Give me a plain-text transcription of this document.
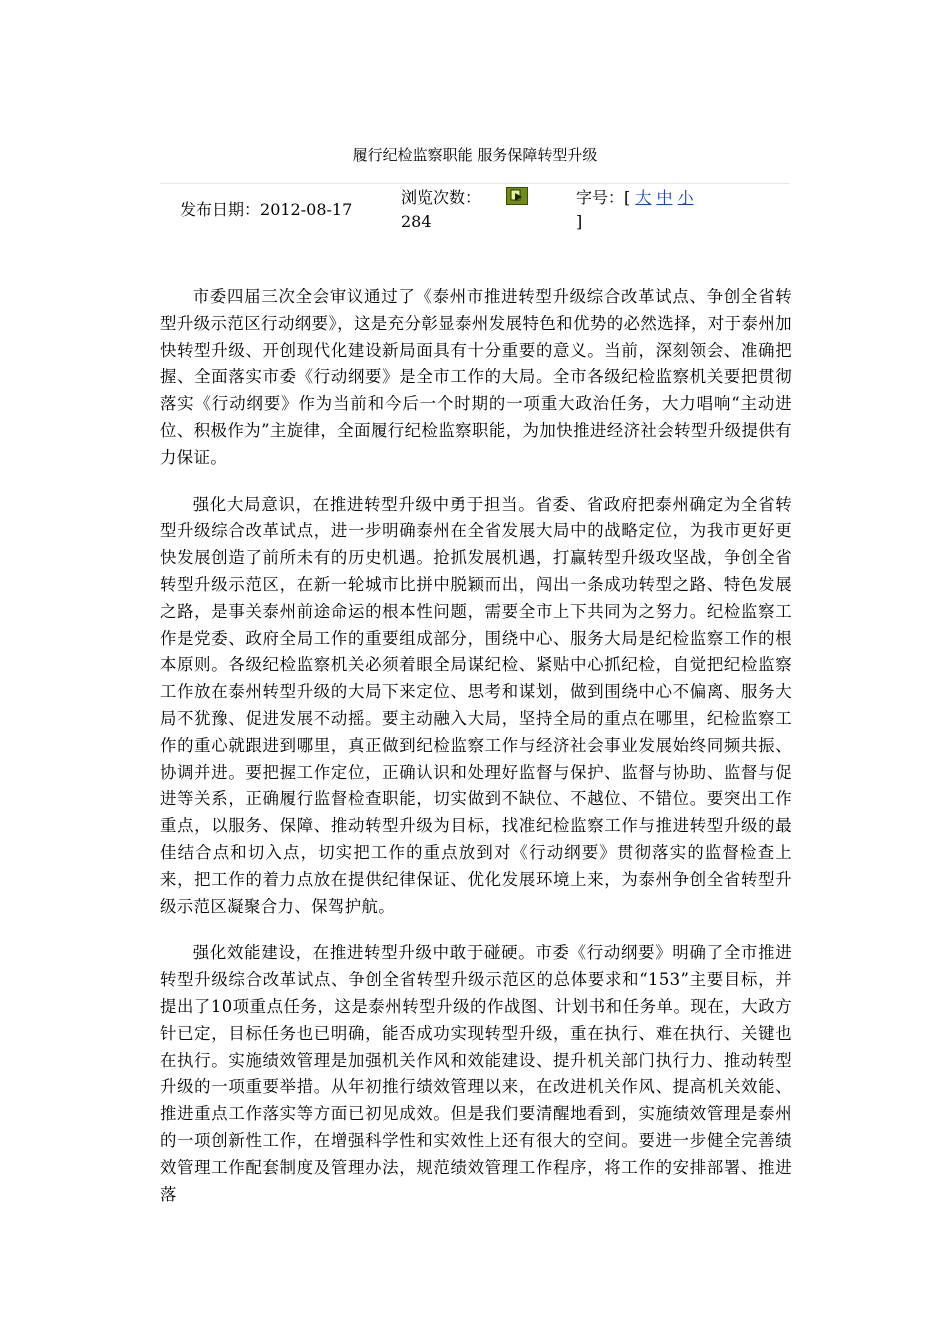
履行纪检监察职能 服务保障转型升级
发布日期：2012-08-17
浏览次数：
284
字号：[ 大 中 小
]

市委四届三次全会审议通过了《泰州市推进转型升级综合改革试点、争创全省转型升级示范区行动纲要》，这是充分彰显泰州发展特色和优势的必然选择，对于泰州加快转型升级、开创现代化建设新局面具有十分重要的意义。当前，深刻领会、准确把握、全面落实市委《行动纲要》是全市工作的大局。全市各级纪检监察机关要把贯彻落实《行动纲要》作为当前和今后一个时期的一项重大政治任务，大力唱响“主动进位、积极作为”主旋律，全面履行纪检监察职能，为加快推进经济社会转型升级提供有力保证。

强化大局意识，在推进转型升级中勇于担当。省委、省政府把泰州确定为全省转型升级综合改革试点，进一步明确泰州在全省发展大局中的战略定位，为我市更好更快发展创造了前所未有的历史机遇。抢抓发展机遇，打赢转型升级攻坚战，争创全省转型升级示范区，在新一轮城市比拼中脱颖而出，闯出一条成功转型之路、特色发展之路，是事关泰州前途命运的根本性问题，需要全市上下共同为之努力。纪检监察工作是党委、政府全局工作的重要组成部分，围绕中心、服务大局是纪检监察工作的根本原则。各级纪检监察机关必须着眼全局谋纪检、紧贴中心抓纪检，自觉把纪检监察工作放在泰州转型升级的大局下来定位、思考和谋划，做到围绕中心不偏离、服务大局不犹豫、促进发展不动摇。要主动融入大局，坚持全局的重点在哪里，纪检监察工作的重心就跟进到哪里，真正做到纪检监察工作与经济社会事业发展始终同频共振、协调并进。要把握工作定位，正确认识和处理好监督与保护、监督与协助、监督与促进等关系，正确履行监督检查职能，切实做到不缺位、不越位、不错位。要突出工作重点，以服务、保障、推动转型升级为目标，找准纪检监察工作与推进转型升级的最佳结合点和切入点，切实把工作的重点放到对《行动纲要》贯彻落实的监督检查上来，把工作的着力点放在提供纪律保证、优化发展环境上来，为泰州争创全省转型升级示范区凝聚合力、保驾护航。

强化效能建设，在推进转型升级中敢于碰硬。市委《行动纲要》明确了全市推进转型升级综合改革试点、争创全省转型升级示范区的总体要求和“153”主要目标，并提出了10项重点任务，这是泰州转型升级的作战图、计划书和任务单。现在，大政方针已定，目标任务也已明确，能否成功实现转型升级，重在执行、难在执行、关键也在执行。实施绩效管理是加强机关作风和效能建设、提升机关部门执行力、推动转型升级的一项重要举措。从年初推行绩效管理以来，在改进机关作风、提高机关效能、推进重点工作落实等方面已初见成效。但是我们要清醒地看到，实施绩效管理是泰州的一项创新性工作，在增强科学性和实效性上还有很大的空间。要进一步健全完善绩效管理工作配套制度及管理办法，规范绩效管理工作程序，将工作的安排部署、推进落
